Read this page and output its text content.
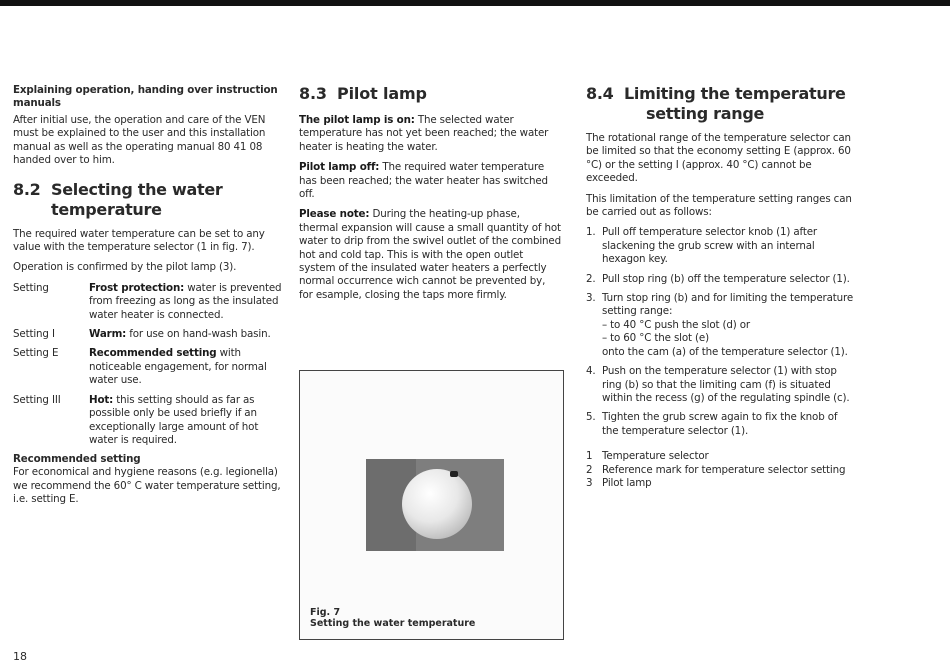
Explaining operation, handing over instruction manuals

After initial use, the operation and care of the VEN must be explained to the user and this installation manual as well as the operating manual 80 41 08 handed over to him.

8.2 Selecting the water
temperature

The required water temperature can be set to any value with the temperature selector (1 in fig. 7).

Operation is confirmed by the pilot lamp (3).

Setting	Frost protection: water is prevented from freezing as long as the insulated water heater is connected.
Setting I	Warm: for use on hand-wash basin.
Setting E	Recommended setting with noticeable engagement, for normal water use.
Setting III	Hot: this setting should as far as possible only be used briefly if an exceptionally large amount of hot water is required.

Recommended setting

For economical and hygiene reasons (e.g. legionella) we recommend the 60° C water temperature setting, i.e. setting E.

8.3 Pilot lamp

The pilot lamp is on: The selected water temperature has not yet been reached; the water heater is heating the water.

Pilot lamp off: The required water temperature has been reached; the water heater has switched off.

Please note: During the heating-up phase, thermal expansion will cause a small quantity of hot water to drip from the swivel outlet of the combined hot and cold tap. This is with the open outlet system of the insulated water heaters a perfectly normal occurrence wich cannot be prevented by, for esample, closing the taps more firmly.

Fig. 7
Setting the water temperature
8.4 Limiting the temperature
setting range

The rotational range of the temperature selector can be limited so that the economy setting E (approx. 60 °C) or the setting I (approx. 40 °C) cannot be exceeded.

This limitation of the temperature setting ranges can be carried out as follows:

1. Pull off temperature selector knob (1) after slackening the grub screw with an internal hexagon key.
2. Pull stop ring (b) off the temperature selector (1).
3. Turn stop ring (b) and for limiting the temperature setting range:
– to 40 °C push the slot (d) or
– to 60 °C the slot (e)
onto the cam (a) of the temperature selector (1).
4. Push on the temperature selector (1) with stop ring (b) so that the limiting cam (f) is situated within the recess (g) of the regulating spindle (c).
5. Tighten the grub screw again to fix the knob of the temperature selector (1).
1 Temperature selector
2 Reference mark for temperature selector setting
3 Pilot lamp
18
